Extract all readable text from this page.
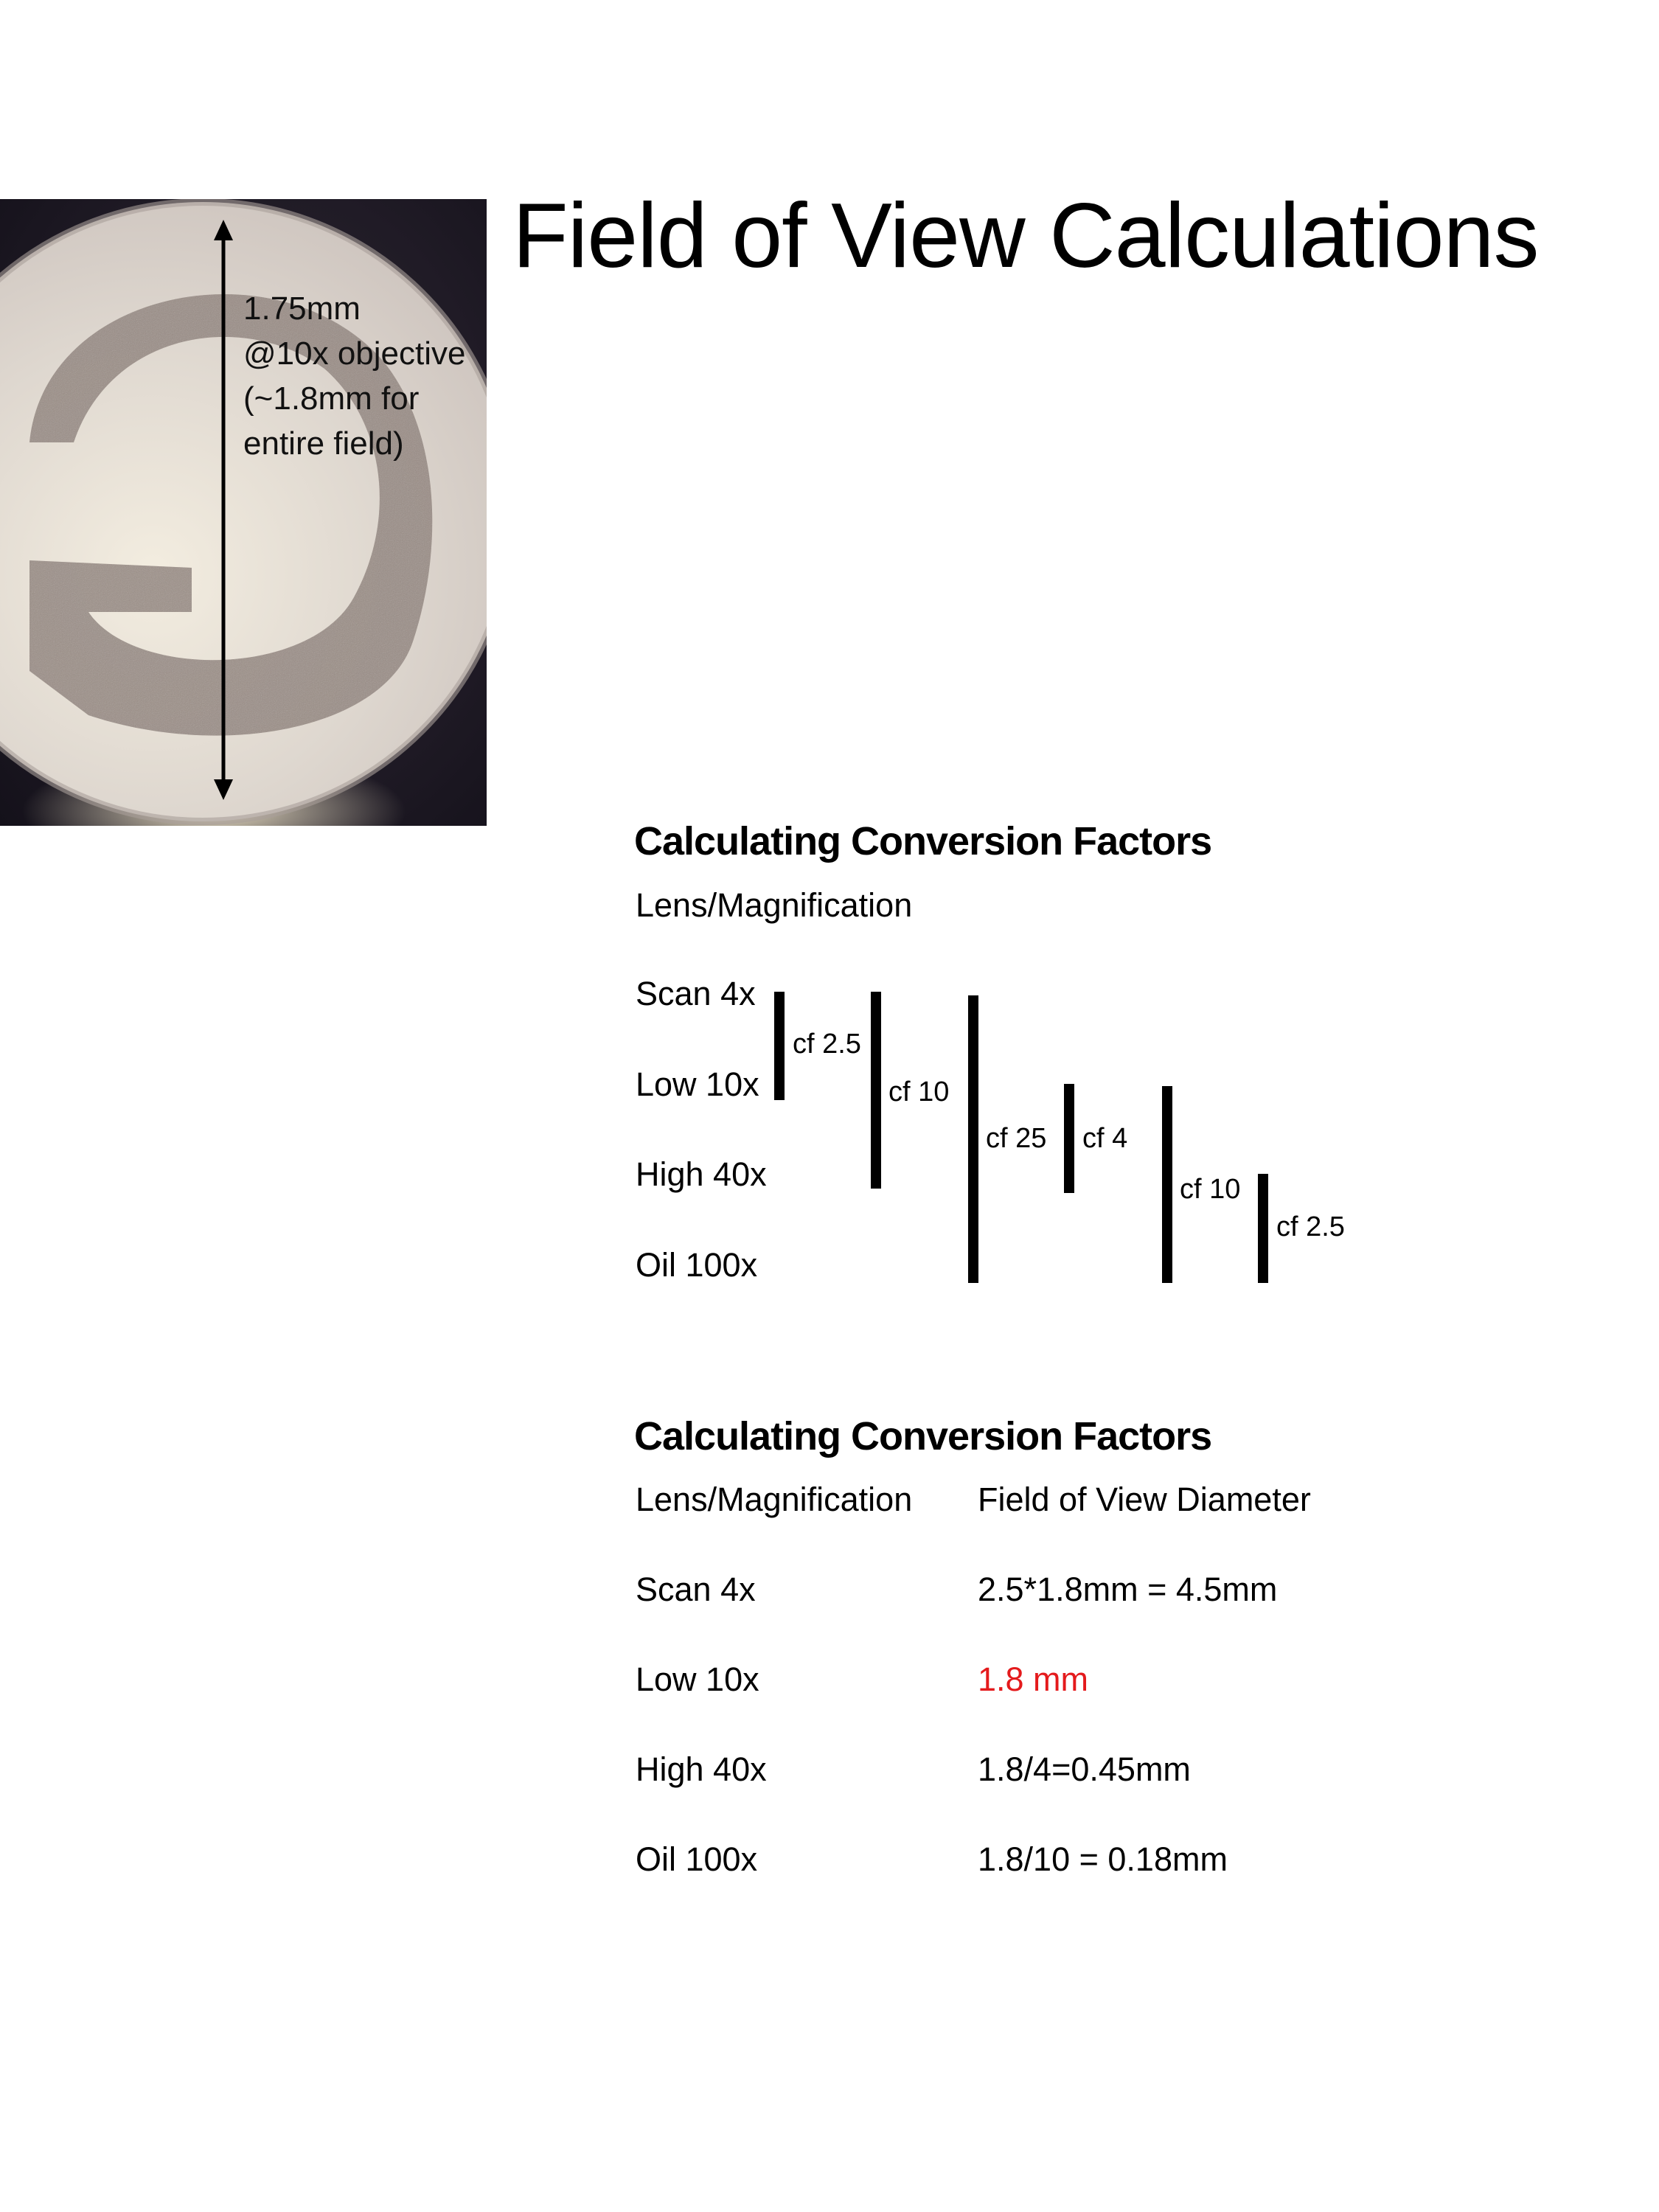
1.75mm
@10x objective
(~1.8mm for
entire field)
Field of View Calculations
Calculating Conversion Factors
Lens/Magnification
Scan 4x
Low 10x
High 40x
Oil 100x
cf 2.5
cf 10
cf 25 cf 4
cf 10
cf 2.5
Calculating Conversion Factors
Lens/Magnification Field of View Diameter
Scan 4x	2.5*1.8mm = 4.5mm
Low 10x	1.8 mm
High 40x	1.8/4=0.45mm
Oil 100x	1.8/10 = 0.18mm
